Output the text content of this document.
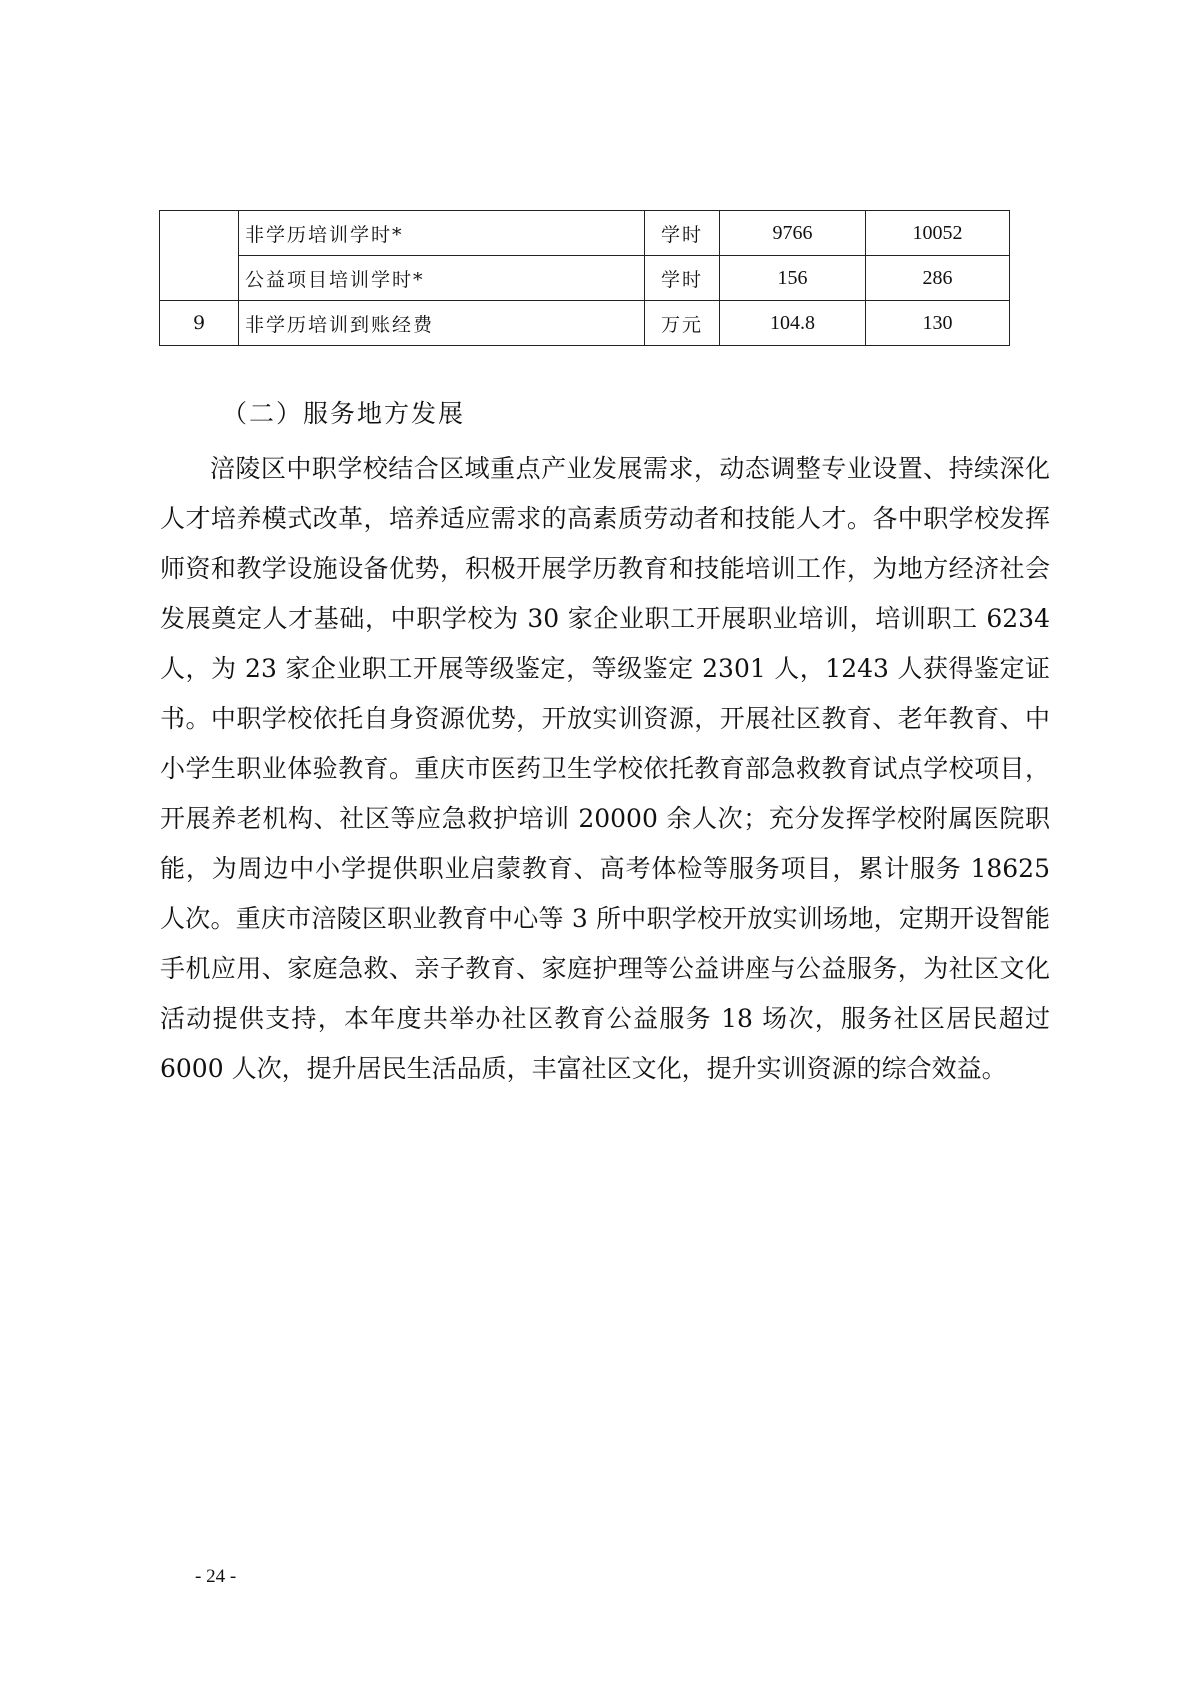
	非学历培训学时*	学时	9766	10052
	公益项目培训学时*	学时	156	286
9	非学历培训到账经费	万元	104.8	130
（二）服务地方发展

涪陵区中职学校结合区域重点产业发展需求，动态调整专业设置、持续深化人才培养模式改革，培养适应需求的高素质劳动者和技能人才。各中职学校发挥师资和教学设施设备优势，积极开展学历教育和技能培训工作，为地方经济社会发展奠定人才基础，中职学校为 30 家企业职工开展职业培训，培训职工 6234 人，为 23 家企业职工开展等级鉴定，等级鉴定 2301 人，1243 人获得鉴定证书。中职学校依托自身资源优势，开放实训资源，开展社区教育、老年教育、中小学生职业体验教育。重庆市医药卫生学校依托教育部急救教育试点学校项目，开展养老机构、社区等应急救护培训 20000 余人次；充分发挥学校附属医院职能，为周边中小学提供职业启蒙教育、高考体检等服务项目，累计服务 18625 人次。重庆市涪陵区职业教育中心等 3 所中职学校开放实训场地，定期开设智能手机应用、家庭急救、亲子教育、家庭护理等公益讲座与公益服务，为社区文化活动提供支持，本年度共举办社区教育公益服务 18 场次，服务社区居民超过 6000 人次，提升居民生活品质，丰富社区文化，提升实训资源的综合效益。

- 24 -
